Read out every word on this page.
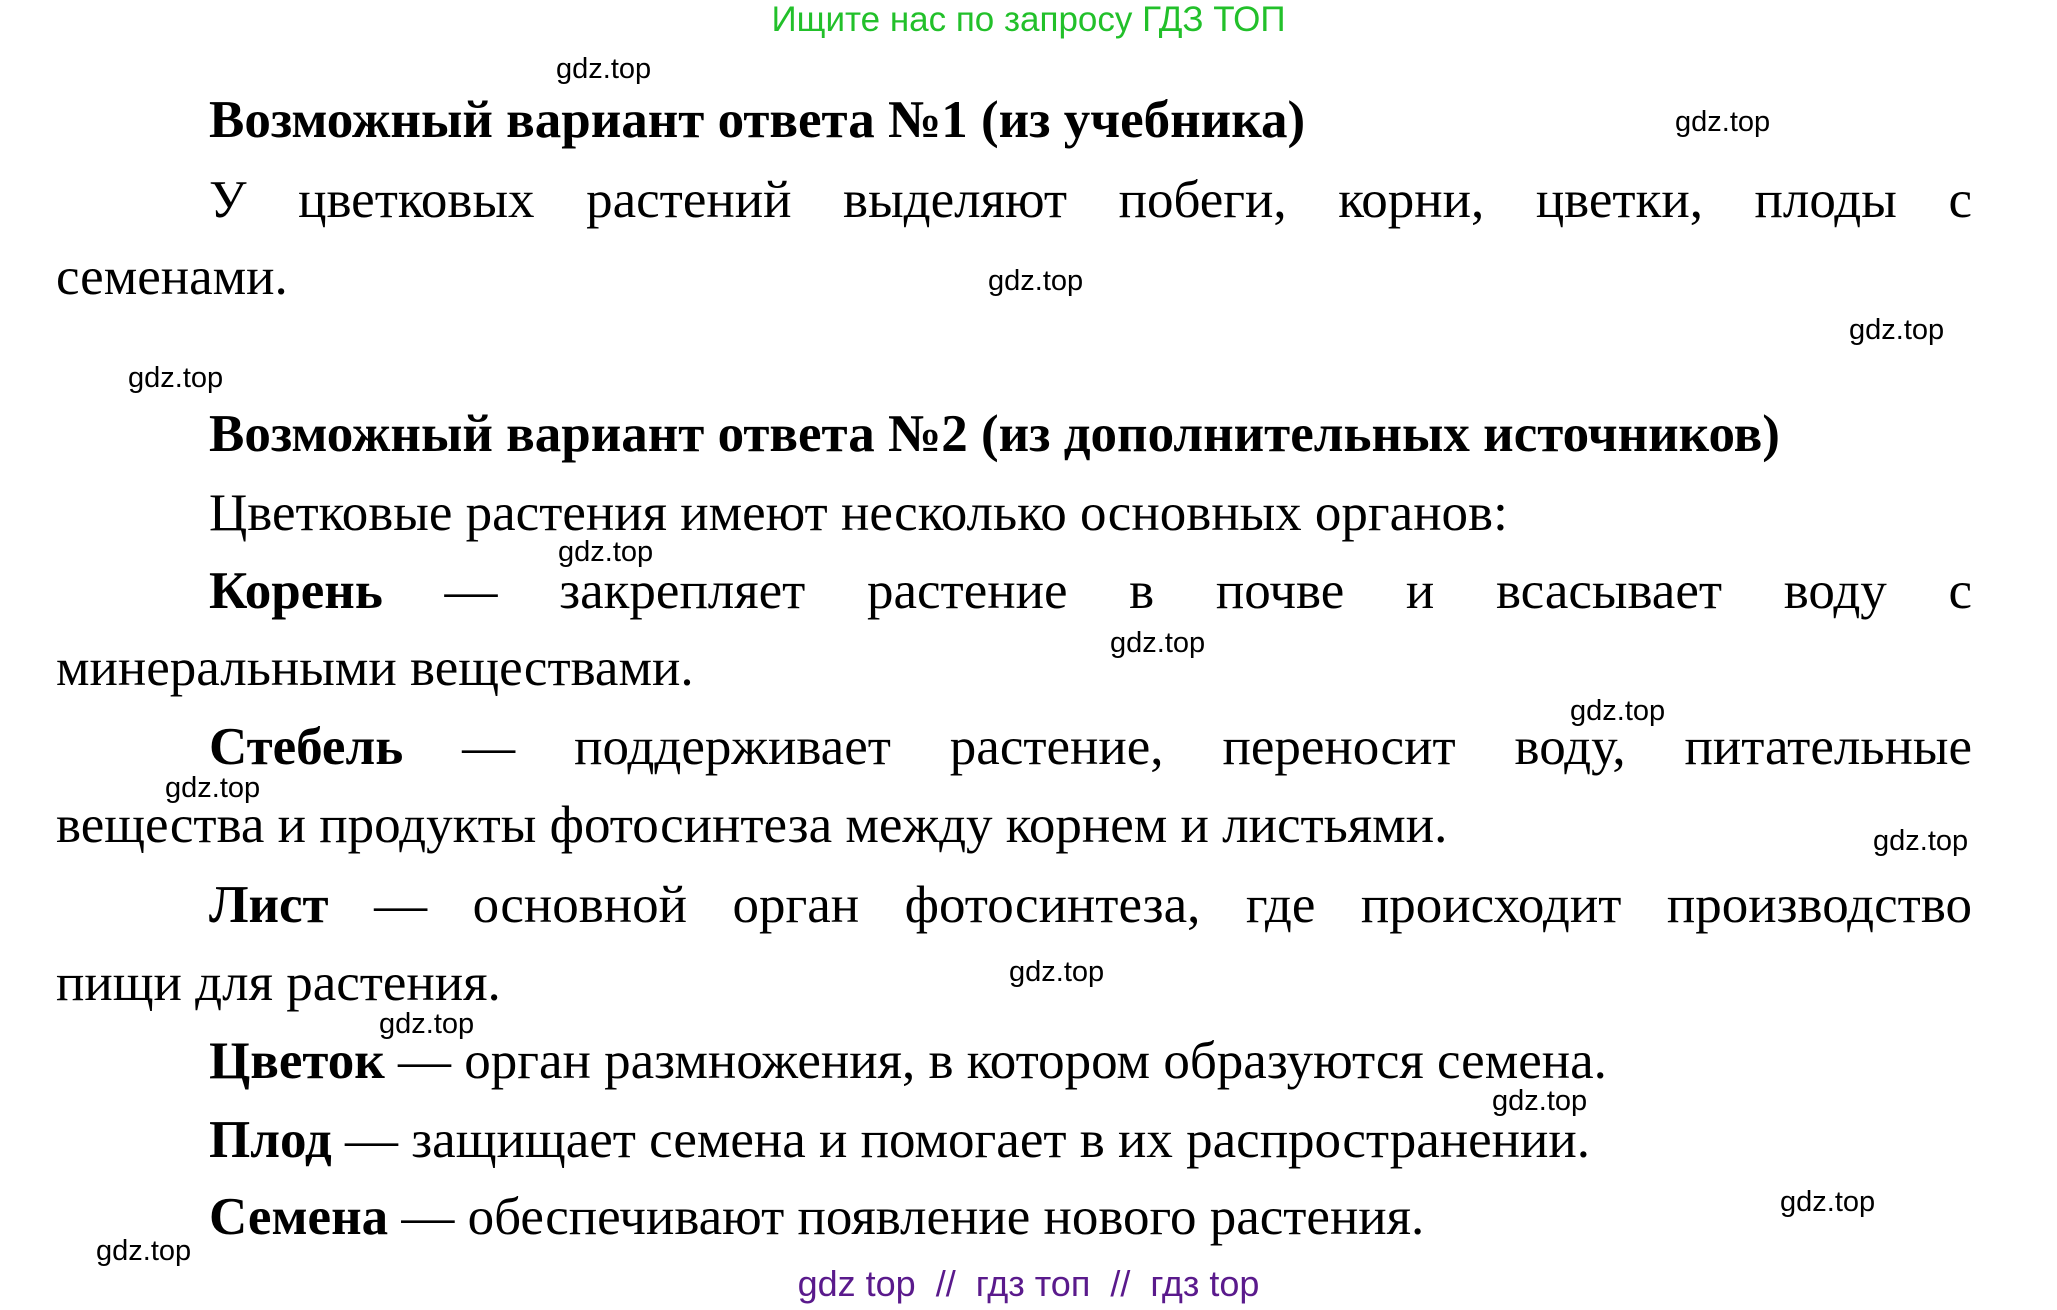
Ищите нас по запросу ГДЗ ТОП
Возможный вариант ответа №1 (из учебника)
У цветковых растений выделяют побеги, корни, цветки, плоды с
семенами.
Возможный вариант ответа №2 (из дополнительных источников)
Цветковые растения имеют несколько основных органов:
Корень — закрепляет растение в почве и всасывает воду с
минеральными веществами.
Стебель — поддерживает растение, переносит воду, питательные
вещества и продукты фотосинтеза между корнем и листьями.
Лист — основной орган фотосинтеза, где происходит производство
пищи для растения.
Цветок — орган размножения, в котором образуются семена.
Плод — защищает семена и помогает в их распространении.
Семена — обеспечивают появление нового растения.
gdz.top
gdz.top
gdz.top
gdz.top
gdz.top
gdz.top
gdz.top
gdz.top
gdz.top
gdz.top
gdz.top
gdz.top
gdz.top
gdz.top
gdz.top
gdz top  //  гдз топ  //  гдз top
